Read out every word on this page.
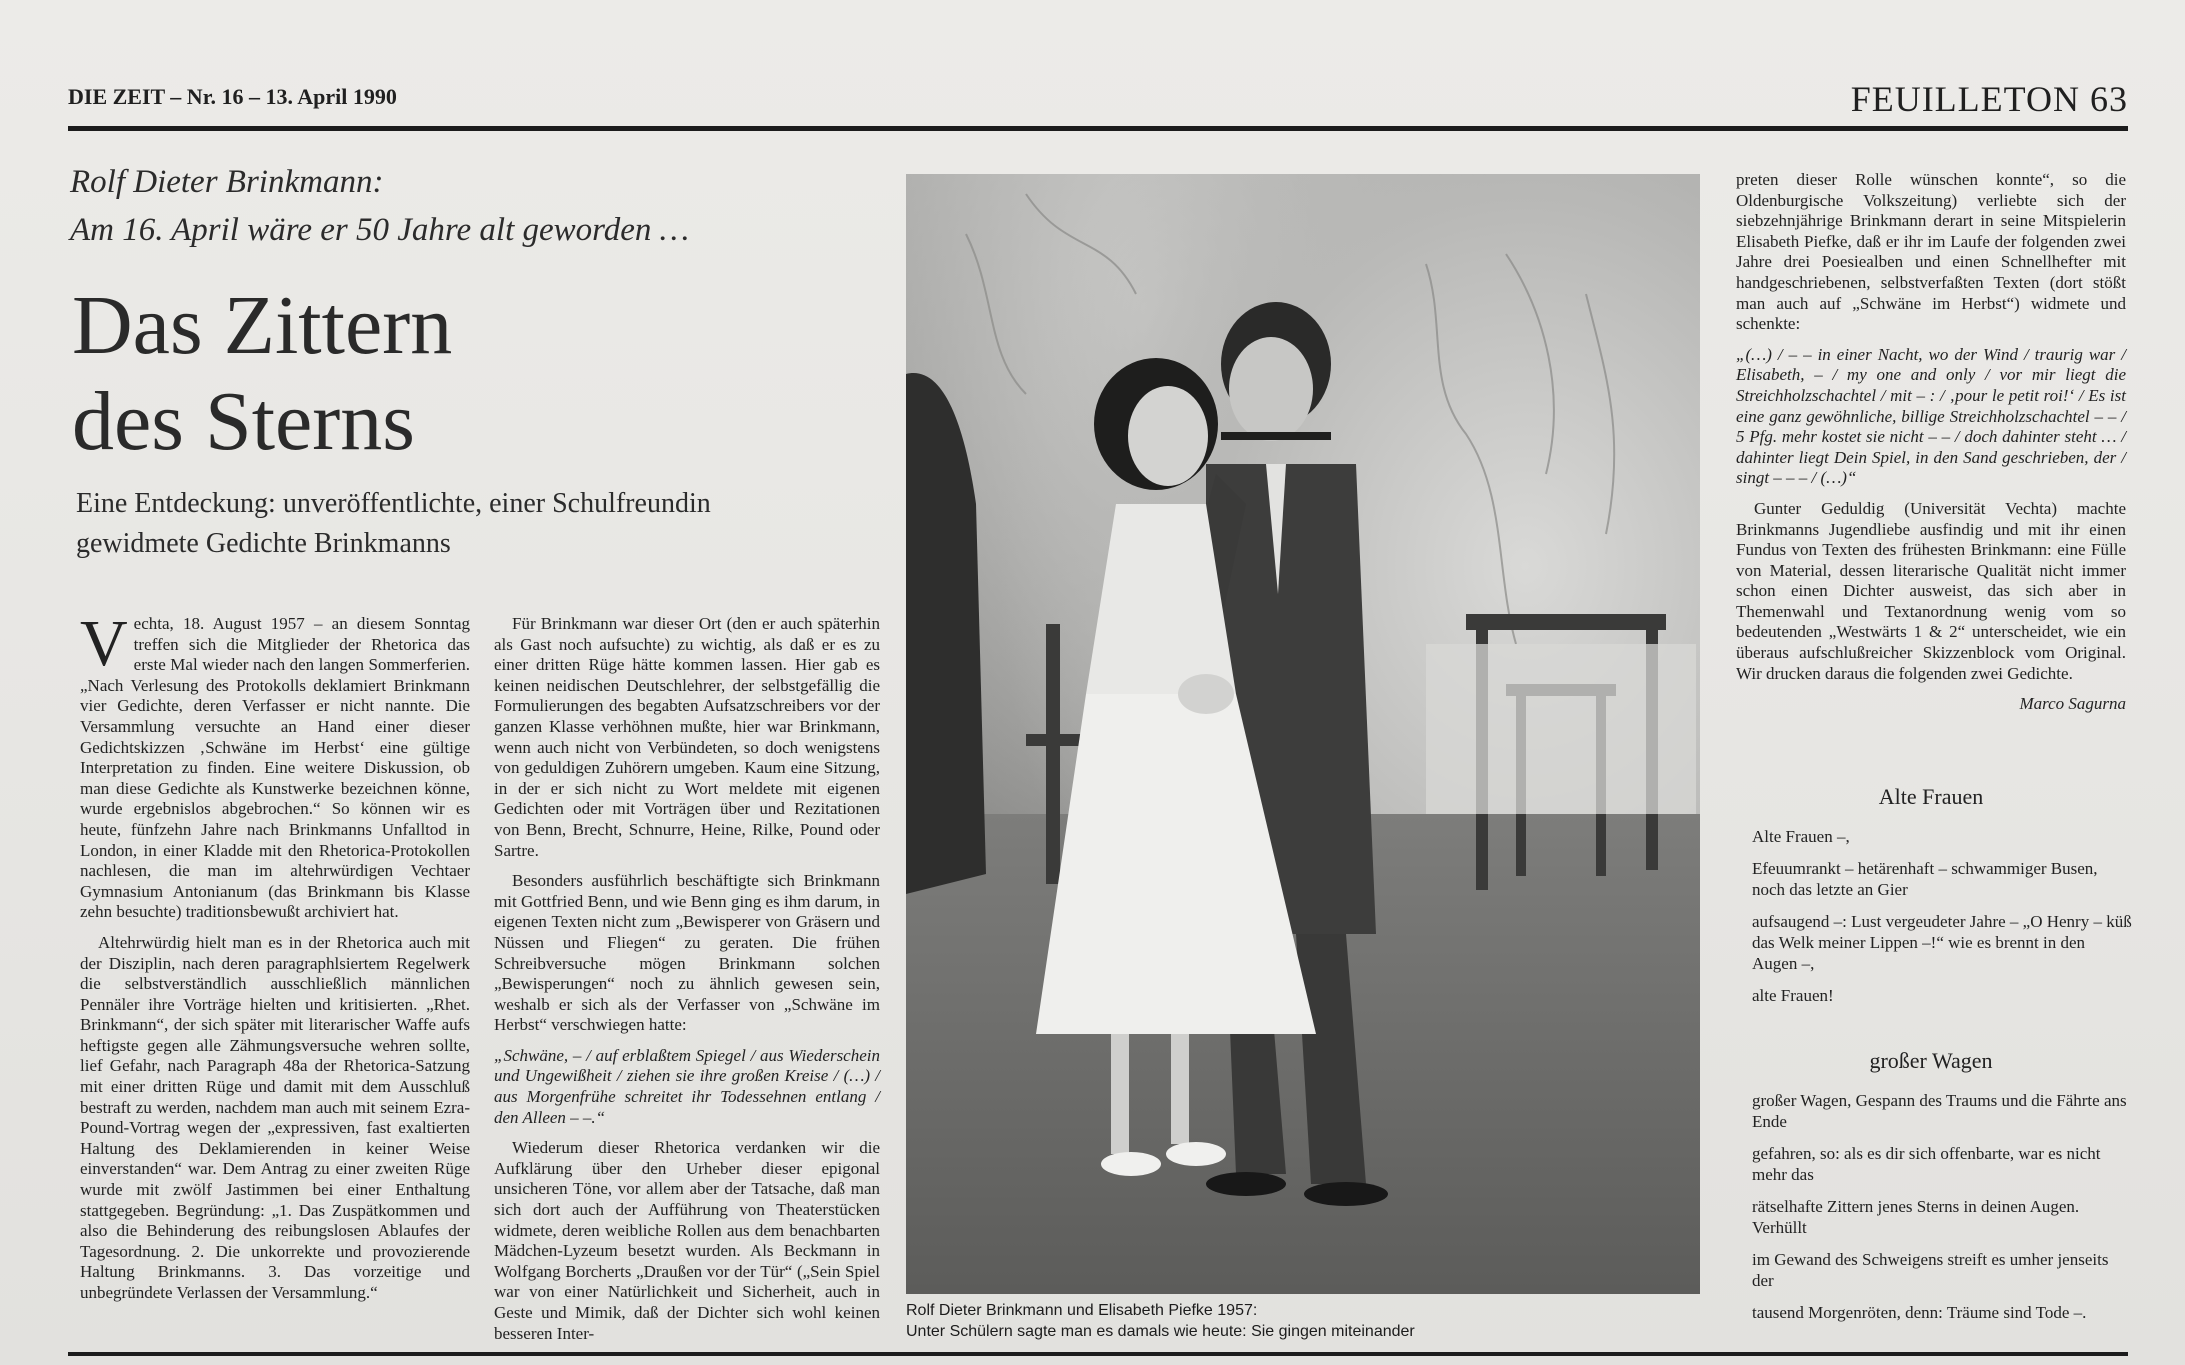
DIE ZEIT – Nr. 16 – 13. April 1990	FEUILLETON 63
Rolf Dieter Brinkmann:
Am 16. April wäre er 50 Jahre alt geworden …
Das Zittern
des Sterns
Eine Entdeckung: unveröffentlichte, einer Schulfreundin
gewidmete Gedichte Brinkmanns

Vechta, 18. August 1957 – an diesem Sonntag treffen sich die Mitglieder der Rhetorica das erste Mal wieder nach den langen Sommerferien. „Nach Verlesung des Protokolls deklamiert Brinkmann vier Gedichte, deren Verfasser er nicht nannte. Die Versammlung versuchte an Hand einer dieser Gedichtskizzen ‚Schwäne im Herbst‘ eine gültige Interpretation zu finden. Eine weitere Diskussion, ob man diese Gedichte als Kunstwerke bezeichnen könne, wurde ergebnislos abgebrochen.“ So können wir es heute, fünfzehn Jahre nach Brinkmanns Unfalltod in London, in einer Kladde mit den Rhetorica-Protokollen nachlesen, die man im altehrwürdigen Vechtaer Gymnasium Antonianum (das Brinkmann bis Klasse zehn besuchte) traditionsbewußt archiviert hat.

Altehrwürdig hielt man es in der Rhetorica auch mit der Disziplin, nach deren paragraphlsiertem Regelwerk die selbstverständlich ausschließlich männlichen Pennäler ihre Vorträge hielten und kritisierten. „Rhet. Brinkmann“, der sich später mit literarischer Waffe aufs heftigste gegen alle Zähmungsversuche wehren sollte, lief Gefahr, nach Paragraph 48a der Rhetorica-Satzung mit einer dritten Rüge und damit mit dem Ausschluß bestraft zu werden, nachdem man auch mit seinem Ezra-Pound-Vortrag wegen der „expressiven, fast exaltierten Haltung des Deklamierenden in keiner Weise einverstanden“ war. Dem Antrag zu einer zweiten Rüge wurde mit zwölf Jastimmen bei einer Enthaltung stattgegeben. Begründung: „1. Das Zuspätkommen und also die Behinderung des reibungslosen Ablaufes der Tagesordnung. 2. Die unkorrekte und provozierende Haltung Brinkmanns. 3. Das vorzeitige und unbegründete Verlassen der Versammlung.“

Für Brinkmann war dieser Ort (den er auch späterhin als Gast noch aufsuchte) zu wichtig, als daß er es zu einer dritten Rüge hätte kommen lassen. Hier gab es keinen neidischen Deutschlehrer, der selbstgefällig die Formulierungen des begabten Aufsatzschreibers vor der ganzen Klasse verhöhnen mußte, hier war Brinkmann, wenn auch nicht von Verbündeten, so doch wenigstens von geduldigen Zuhörern umgeben. Kaum eine Sitzung, in der er sich nicht zu Wort meldete mit eigenen Gedichten oder mit Vorträgen über und Rezitationen von Benn, Brecht, Schnurre, Heine, Rilke, Pound oder Sartre.

Besonders ausführlich beschäftigte sich Brinkmann mit Gottfried Benn, und wie Benn ging es ihm darum, in eigenen Texten nicht zum „Bewisperer von Gräsern und Nüssen und Fliegen“ zu geraten. Die frühen Schreibversuche mögen Brinkmann solchen „Bewisperungen“ noch zu ähnlich gewesen sein, weshalb er sich als der Verfasser von „Schwäne im Herbst“ verschwiegen hatte:

„Schwäne, – / auf erblaßtem Spiegel / aus Wiederschein und Ungewißheit / ziehen sie ihre großen Kreise / (…) / aus Morgenfrühe schreitet ihr Todessehnen entlang / den Alleen – –.“

Wiederum dieser Rhetorica verdanken wir die Aufklärung über den Urheber dieser epigonal unsicheren Töne, vor allem aber der Tatsache, daß man sich dort auch der Aufführung von Theaterstücken widmete, deren weibliche Rollen aus dem benachbarten Mädchen-Lyzeum besetzt wurden. Als Beckmann in Wolfgang Borcherts „Draußen vor der Tür“ („Sein Spiel war von einer Natürlichkeit und Sicherheit, auch in Geste und Mimik, daß der Dichter sich wohl keinen besseren Inter-

Rolf Dieter Brinkmann und Elisabeth Piefke 1957:
Unter Schülern sagte man es damals wie heute: Sie gingen miteinander

preten dieser Rolle wünschen konnte“, so die Oldenburgische Volkszeitung) verliebte sich der siebzehnjährige Brinkmann derart in seine Mitspielerin Elisabeth Piefke, daß er ihr im Laufe der folgenden zwei Jahre drei Poesiealben und einen Schnellhefter mit handgeschriebenen, selbstverfaßten Texten (dort stößt man auch auf „Schwäne im Herbst“) widmete und schenkte:

„(…) / – – in einer Nacht, wo der Wind / traurig war / Elisabeth, – / my one and only / vor mir liegt die Streichholzschachtel / mit – : / ‚pour le petit roi!‘ / Es ist eine ganz gewöhnliche, billige Streichholzschachtel – – / 5 Pfg. mehr kostet sie nicht – – / doch dahinter steht … / dahinter liegt Dein Spiel, in den Sand geschrieben, der / singt – – – / (…)“

Gunter Geduldig (Universität Vechta) machte Brinkmanns Jugendliebe ausfindig und mit ihr einen Fundus von Texten des frühesten Brinkmann: eine Fülle von Material, dessen literarische Qualität nicht immer schon einen Dichter ausweist, das sich aber in Themenwahl und Textanordnung wenig vom so bedeutenden „Westwärts 1 & 2“ unterscheidet, wie ein überaus aufschlußreicher Skizzenblock vom Original. Wir drucken daraus die folgenden zwei Gedichte.

Marco Sagurna

Alte Frauen
Alte Frauen –,
Efeuumrankt – hetärenhaft – schwammiger Busen, noch das letzte an Gier
aufsaugend –: Lust vergeudeter Jahre – „O Henry – küß das Welk meiner Lippen –!“ wie es brennt in den Augen –,
alte Frauen!
großer Wagen
großer Wagen, Gespann des Traums und die Fährte ans Ende
gefahren, so: als es dir sich offenbarte, war es nicht mehr das
rätselhafte Zittern jenes Sterns in deinen Augen. Verhüllt
im Gewand des Schweigens streift es umher jenseits der
tausend Morgenröten, denn: Träume sind Tode –.
